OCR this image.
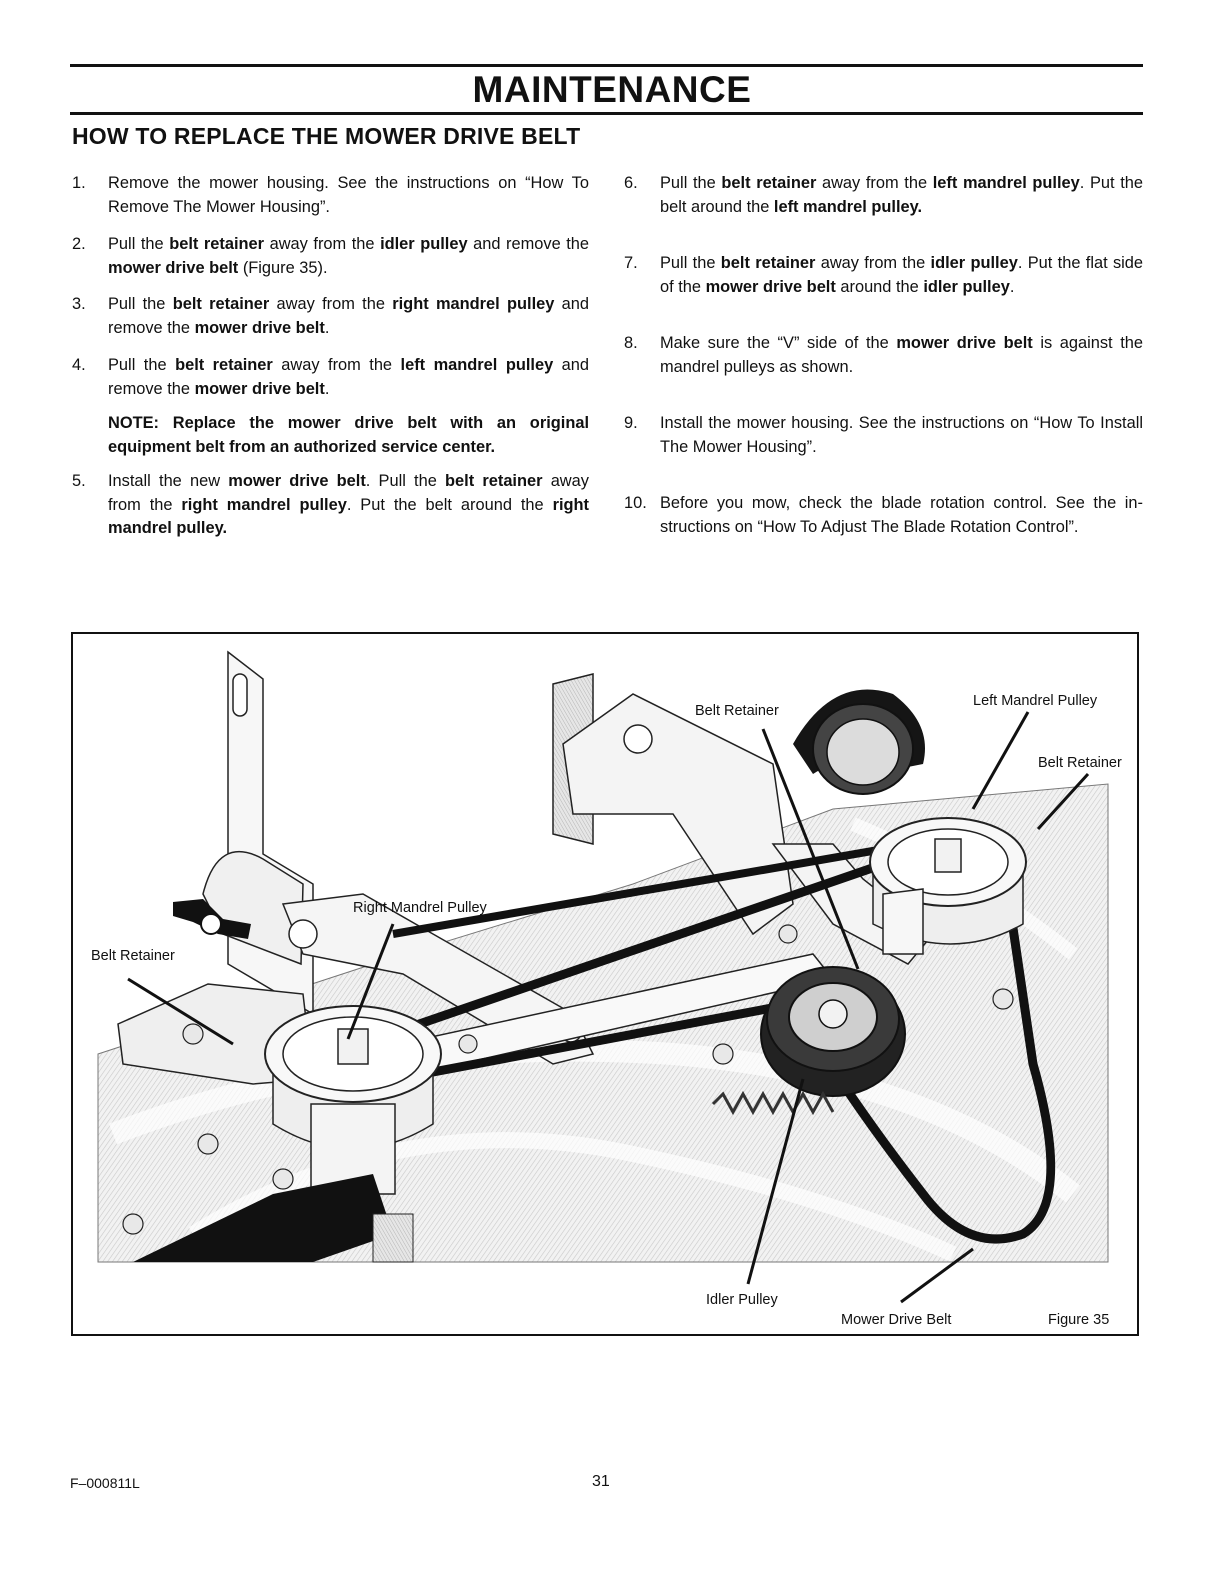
MAINTENANCE
HOW TO REPLACE THE MOWER DRIVE BELT
1. Remove the mower housing. See the instructions on “How To Remove The Mower Housing”.
2. Pull the belt retainer away from the idler pulley and remove the mower drive belt (Figure 35).
3. Pull the belt retainer away from the right mandrel pulley and remove the mower drive belt.
4. Pull the belt retainer away from the left mandrel pulley and remove the mower drive belt.
NOTE: Replace the mower drive belt with an original equipment belt from an authorized service center.
5. Install the new mower drive belt. Pull the belt retainer away from the right mandrel pulley. Put the belt around the right mandrel pulley.
6. Pull the belt retainer away from the left mandrel pulley. Put the belt around the left mandrel pulley.
7. Pull the belt retainer away from the idler pulley. Put the flat side of the mower drive belt around the idler pulley.
8. Make sure the “V” side of the mower drive belt is against the mandrel pulleys as shown.
9. Install the mower housing. See the instructions on “How To Install The Mower Housing”.
10. Before you mow, check the blade rotation control. See the in-structions on “How To Adjust The Blade Rotation Control”.
Belt Retainer
Left Mandrel Pulley
Belt Retainer
Right Mandrel Pulley
Belt Retainer
Idler Pulley
Mower Drive Belt	Figure 35
F–000811L	31
